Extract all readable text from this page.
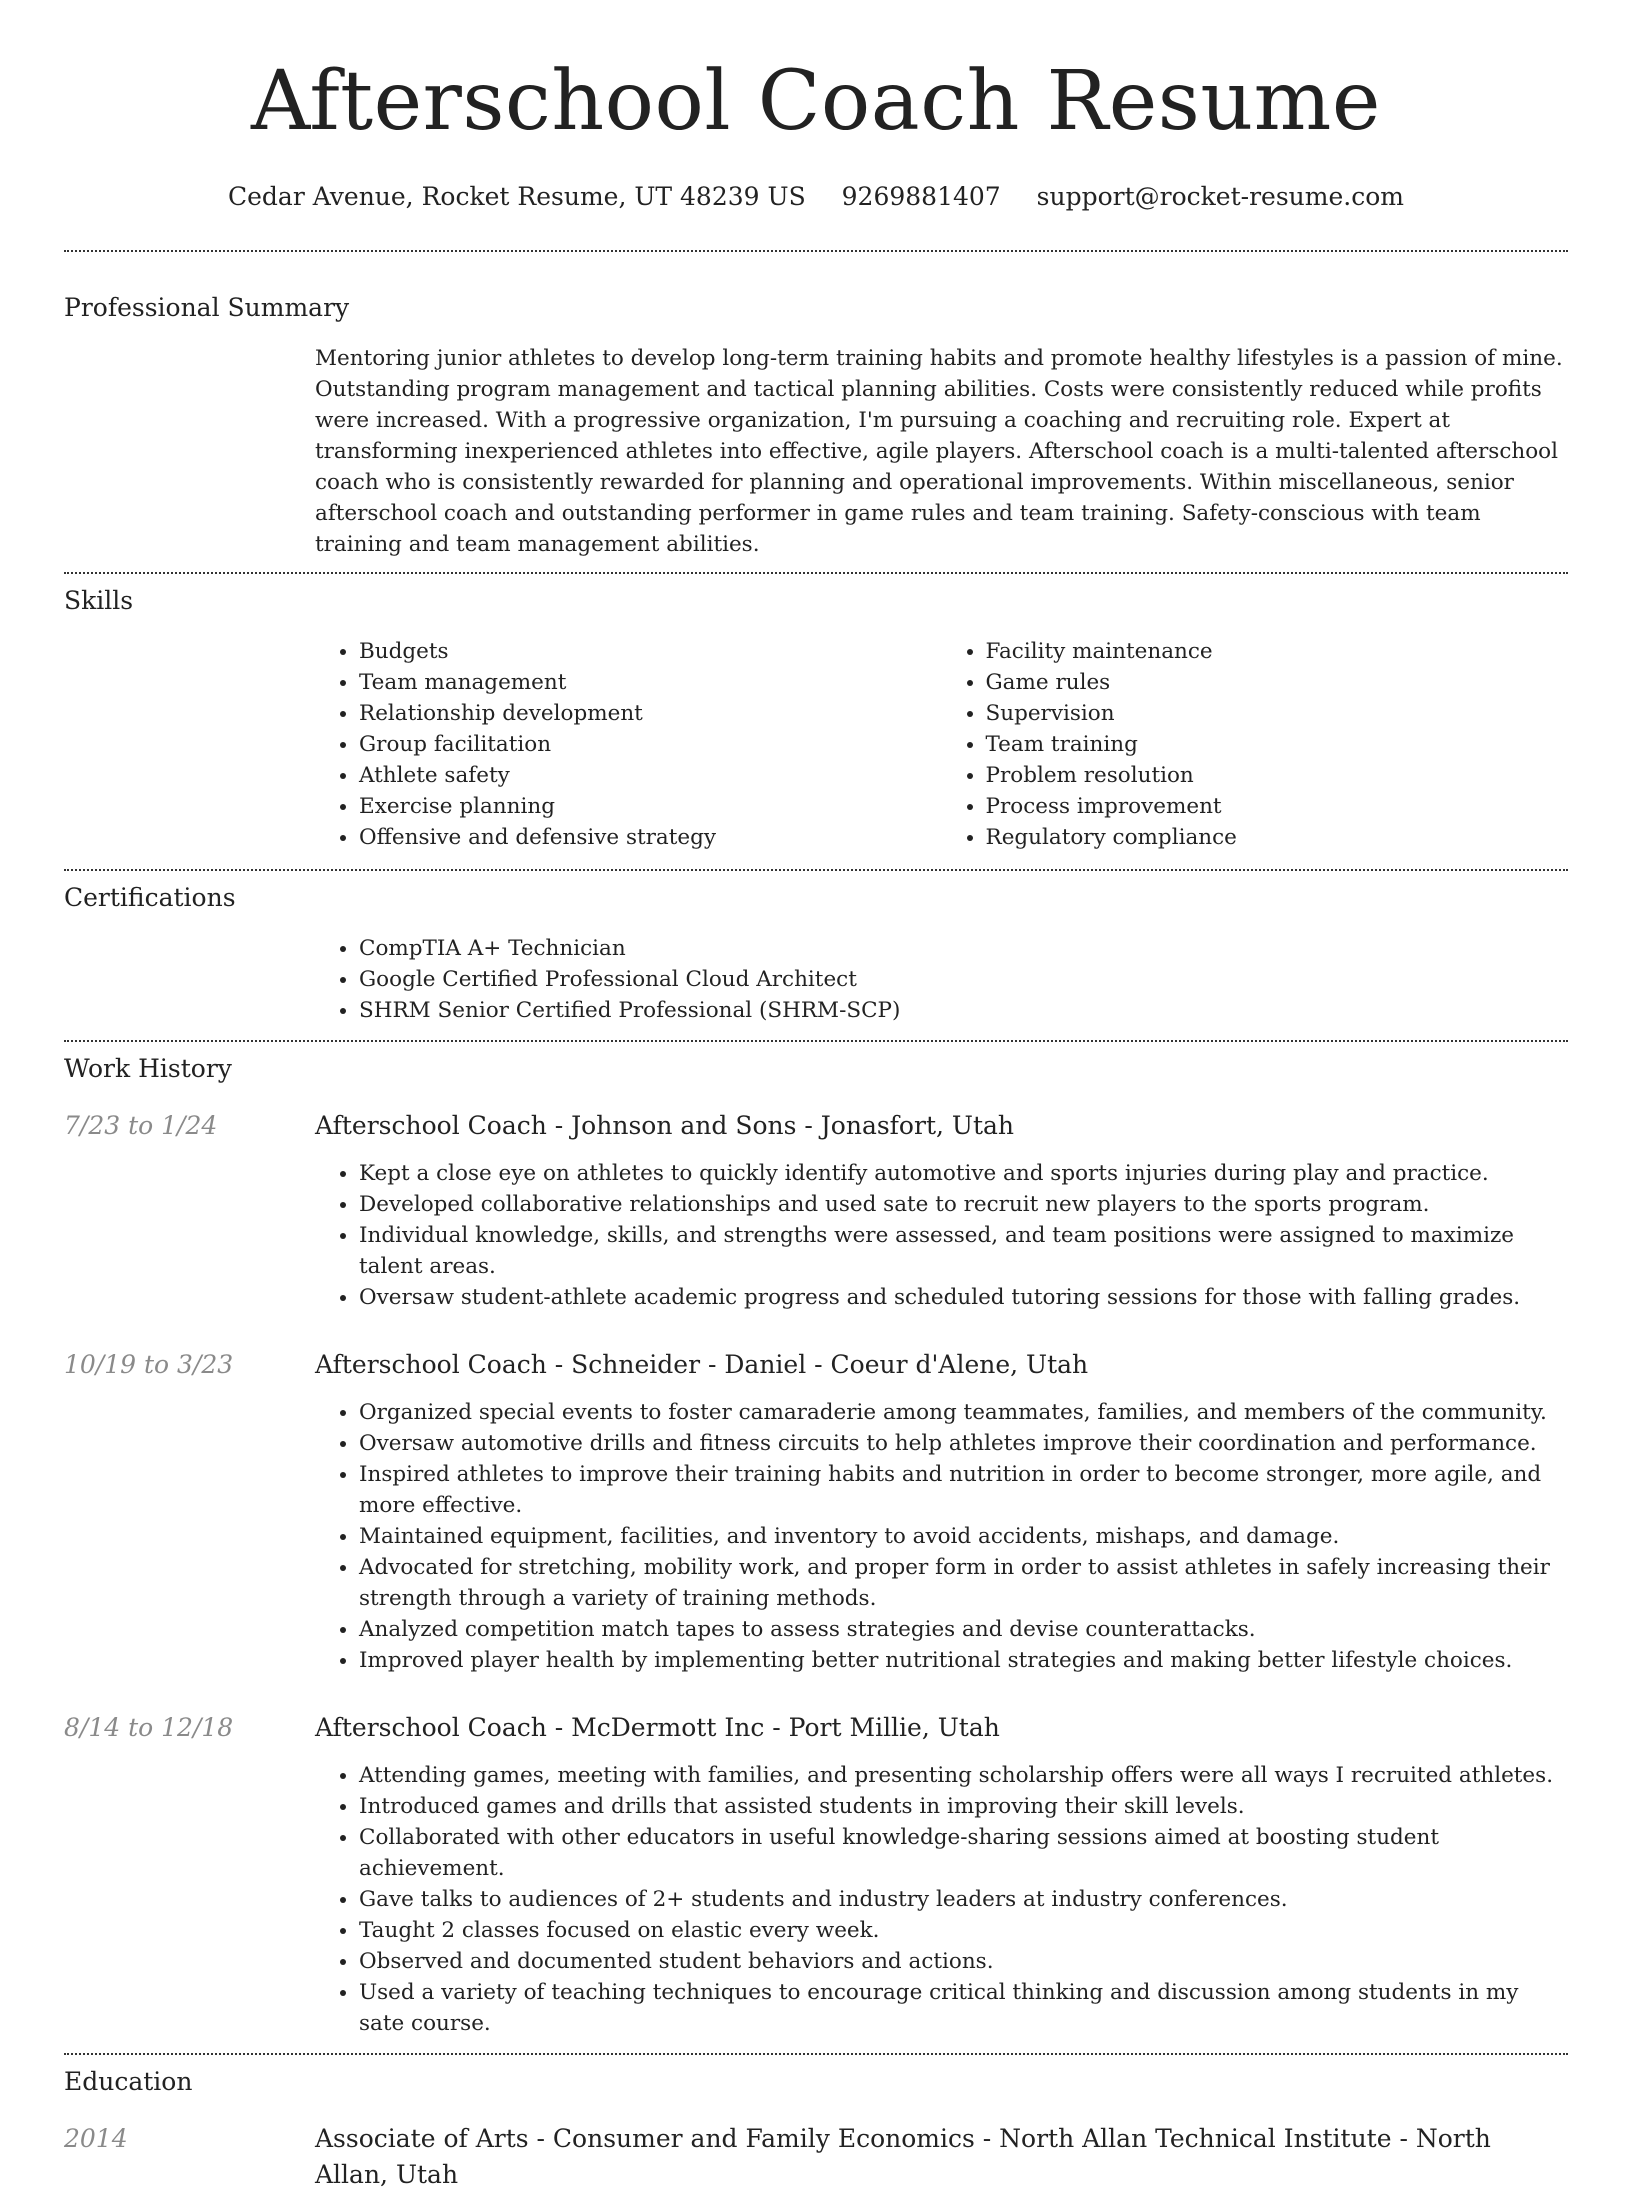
Afterschool Coach Resume
Cedar Avenue, Rocket Resume, UT 48239 US 9269881407 support@rocket-resume.com
Professional Summary
Mentoring junior athletes to develop long-term training habits and promote healthy lifestyles is a passion of mine. Outstanding program management and tactical planning abilities. Costs were consistently reduced while profits were increased. With a progressive organization, I'm pursuing a coaching and recruiting role. Expert at transforming inexperienced athletes into effective, agile players. Afterschool coach is a multi-talented afterschool coach who is consistently rewarded for planning and operational improvements. Within miscellaneous, senior afterschool coach and outstanding performer in game rules and team training. Safety-conscious with team training and team management abilities.
Skills
• Budgets
• Team management
• Relationship development
• Group facilitation
• Athlete safety
• Exercise planning
• Offensive and defensive strategy
• Facility maintenance
• Game rules
• Supervision
• Team training
• Problem resolution
• Process improvement
• Regulatory compliance
Certifications
• CompTIA A+ Technician
• Google Certified Professional Cloud Architect
• SHRM Senior Certified Professional (SHRM-SCP)
Work History
7/23 to 1/24	Afterschool Coach - Johnson and Sons - Jonasfort, Utah
• Kept a close eye on athletes to quickly identify automotive and sports injuries during play and practice.
• Developed collaborative relationships and used sate to recruit new players to the sports program.
• Individual knowledge, skills, and strengths were assessed, and team positions were assigned to maximize talent areas.
• Oversaw student-athlete academic progress and scheduled tutoring sessions for those with falling grades.
10/19 to 3/23	Afterschool Coach - Schneider - Daniel - Coeur d'Alene, Utah
• Organized special events to foster camaraderie among teammates, families, and members of the community.
• Oversaw automotive drills and fitness circuits to help athletes improve their coordination and performance.
• Inspired athletes to improve their training habits and nutrition in order to become stronger, more agile, and more effective.
• Maintained equipment, facilities, and inventory to avoid accidents, mishaps, and damage.
• Advocated for stretching, mobility work, and proper form in order to assist athletes in safely increasing their strength through a variety of training methods.
• Analyzed competition match tapes to assess strategies and devise counterattacks.
• Improved player health by implementing better nutritional strategies and making better lifestyle choices.
8/14 to 12/18	Afterschool Coach - McDermott Inc - Port Millie, Utah
• Attending games, meeting with families, and presenting scholarship offers were all ways I recruited athletes.
• Introduced games and drills that assisted students in improving their skill levels.
• Collaborated with other educators in useful knowledge-sharing sessions aimed at boosting student achievement.
• Gave talks to audiences of 2+ students and industry leaders at industry conferences.
• Taught 2 classes focused on elastic every week.
• Observed and documented student behaviors and actions.
• Used a variety of teaching techniques to encourage critical thinking and discussion among students in my sate course.
Education
2014	Associate of Arts - Consumer and Family Economics - North Allan Technical Institute - North Allan, Utah
